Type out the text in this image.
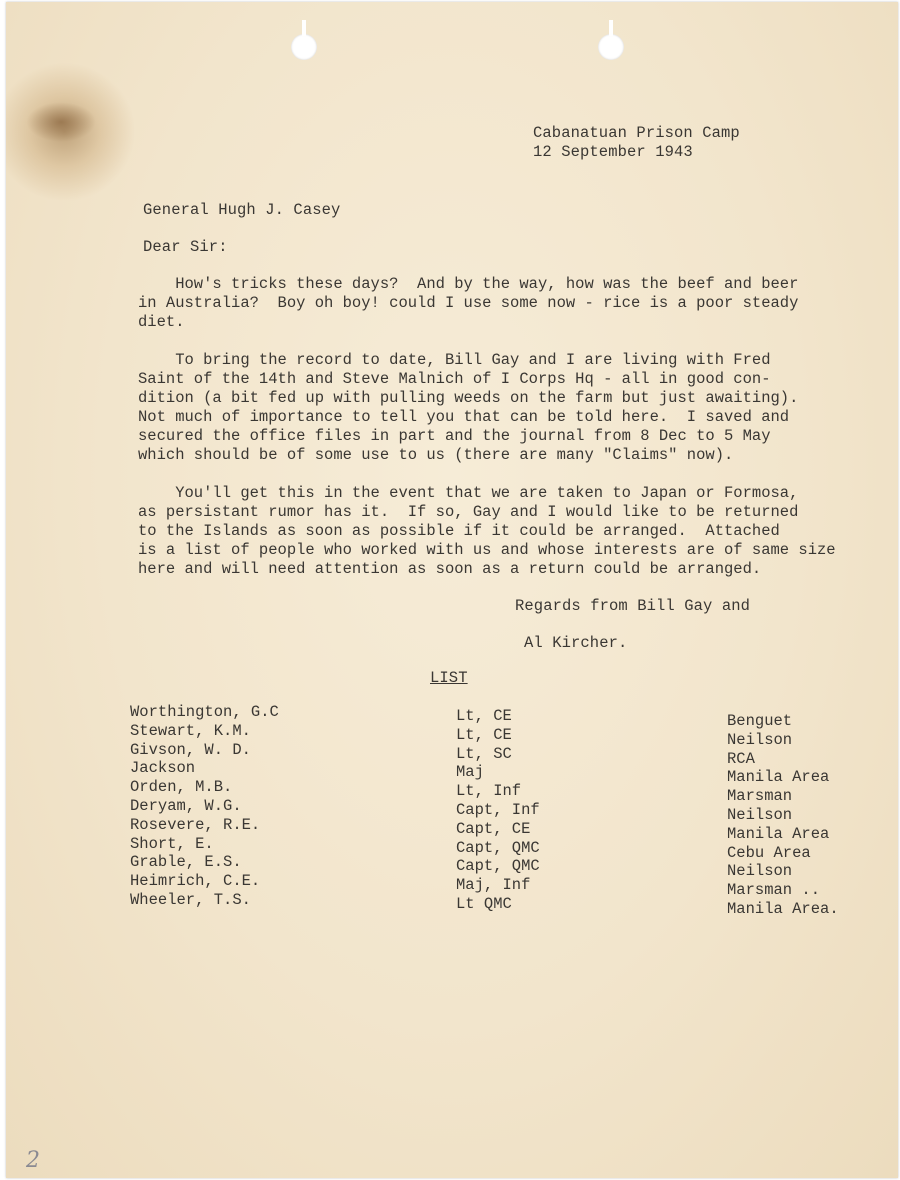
Cabanatuan Prison Camp
12 September 1943
General Hugh J. Casey
Dear Sir:
How's tricks these days?  And by the way, how was the beef and beer
in Australia?  Boy oh boy! could I use some now - rice is a poor steady
diet.
To bring the record to date, Bill Gay and I are living with Fred
Saint of the 14th and Steve Malnich of I Corps Hq - all in good con-
dition (a bit fed up with pulling weeds on the farm but just awaiting).
Not much of importance to tell you that can be told here.  I saved and
secured the office files in part and the journal from 8 Dec to 5 May
which should be of some use to us (there are many "Claims" now).
You'll get this in the event that we are taken to Japan or Formosa,
as persistant rumor has it.  If so, Gay and I would like to be returned
to the Islands as soon as possible if it could be arranged.  Attached
is a list of people who worked with us and whose interests are of same size
here and will need attention as soon as a return could be arranged.
Regards from Bill Gay and
Al Kircher.
LIST
Worthington, G.C
Stewart, K.M.
Givson, W. D.
Jackson
Orden, M.B.
Deryam, W.G.
Rosevere, R.E.
Short, E.
Grable, E.S.
Heimrich, C.E.
Wheeler, T.S.
Lt, CE
Lt, CE
Lt, SC
Maj
Lt, Inf
Capt, Inf
Capt, CE
Capt, QMC
Capt, QMC
Maj, Inf
Lt QMC
Benguet
Neilson
RCA
Manila Area
Marsman
Neilson
Manila Area
Cebu Area
Neilson
Marsman ..
Manila Area.
2
